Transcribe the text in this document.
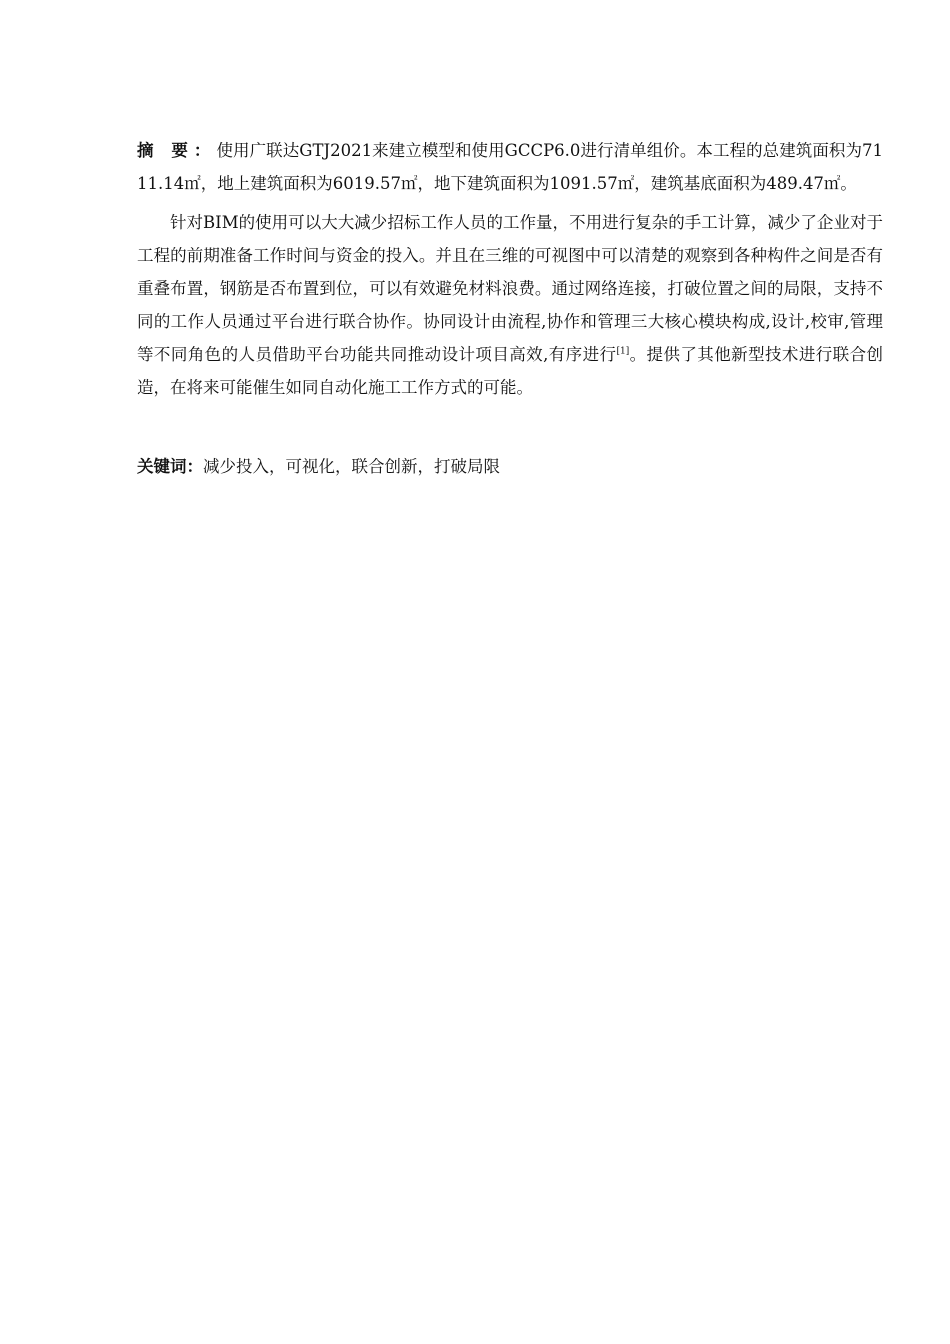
摘 要：使用广联达GTJ2021来建立模型和使用GCCP6.0进行清单组价。本工程的总建筑面积为7111.14㎡，地上建筑面积为6019.57㎡，地下建筑面积为1091.57㎡，建筑基底面积为489.47㎡。

针对BIM的使用可以大大减少招标工作人员的工作量，不用进行复杂的手工计算，减少了企业对于工程的前期准备工作时间与资金的投入。并且在三维的可视图中可以清楚的观察到各种构件之间是否有重叠布置，钢筋是否布置到位，可以有效避免材料浪费。通过网络连接，打破位置之间的局限，支持不同的工作人员通过平台进行联合协作。协同设计由流程,协作和管理三大核心模块构成,设计,校审,管理等不同角色的人员借助平台功能共同推动设计项目高效,有序进行[1]。提供了其他新型技术进行联合创造，在将来可能催生如同自动化施工工作方式的可能。

关键词：减少投入，可视化，联合创新，打破局限
